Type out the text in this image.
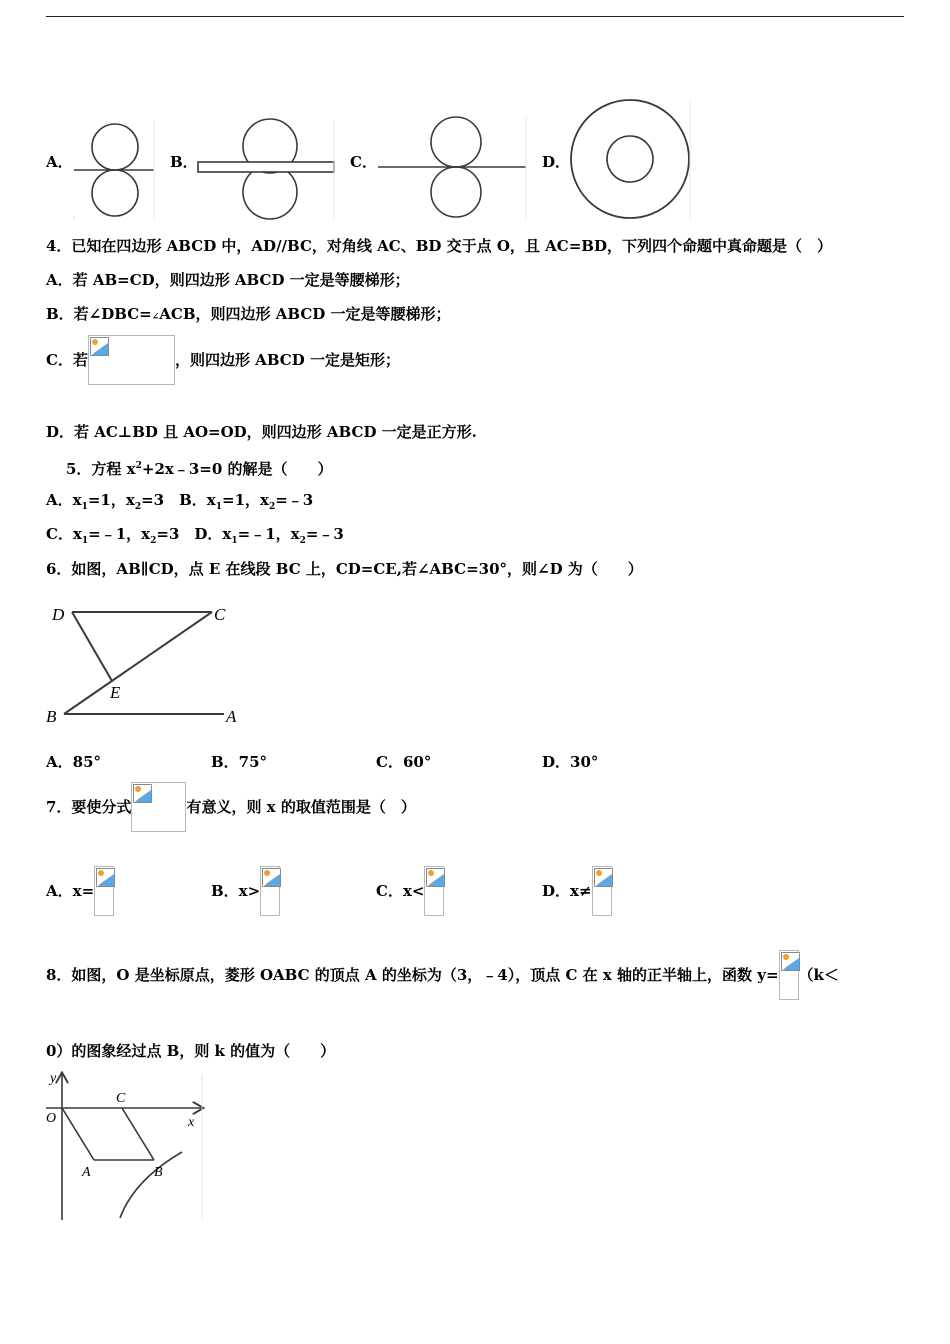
A．	B．	C．	D．
4．已知在四边形 ABCD 中，AD//BC，对角线 AC、BD 交于点 O，且 AC=BD，下列四个命题中真命题是（　）
A．若 AB=CD，则四边形 ABCD 一定是等腰梯形；
B．若∠DBC=∠ACB，则四边形 ABCD 一定是等腰梯形；
C．若	，则四边形 ABCD 一定是矩形；
D．若 AC⊥BD 且 AO=OD，则四边形 ABCD 一定是正方形.
5．方程 $x^2+2x﹣3=0$ 的解是（　　）
A．$x_1=1$，$x_2=3$　 B．$x_1=1$，$x_2=﹣3$
C．$x_1=﹣1$，$x_2=3$　 D．$x_1=﹣1$，$x_2=﹣3$
6．如图，AB∥CD，点 E 在线段 BC 上，CD=CE,若∠ABC=30°，则∠D 为（　　）
D	C
E
B	A
A．85°	B．75°	C．60°	D．30°
7．要使分式	有意义，则 x 的取值范围是（　）
A．x=	B．x>	C．x<	D．x≠
8．如图，O 是坐标原点，菱形 OABC 的顶点 A 的坐标为（3，﹣4），顶点 C 在 x 轴的正半轴上，函数 y= （k＜
0）的图象经过点 B，则 k 的值为（　　）
y
x
O
C
A	B
